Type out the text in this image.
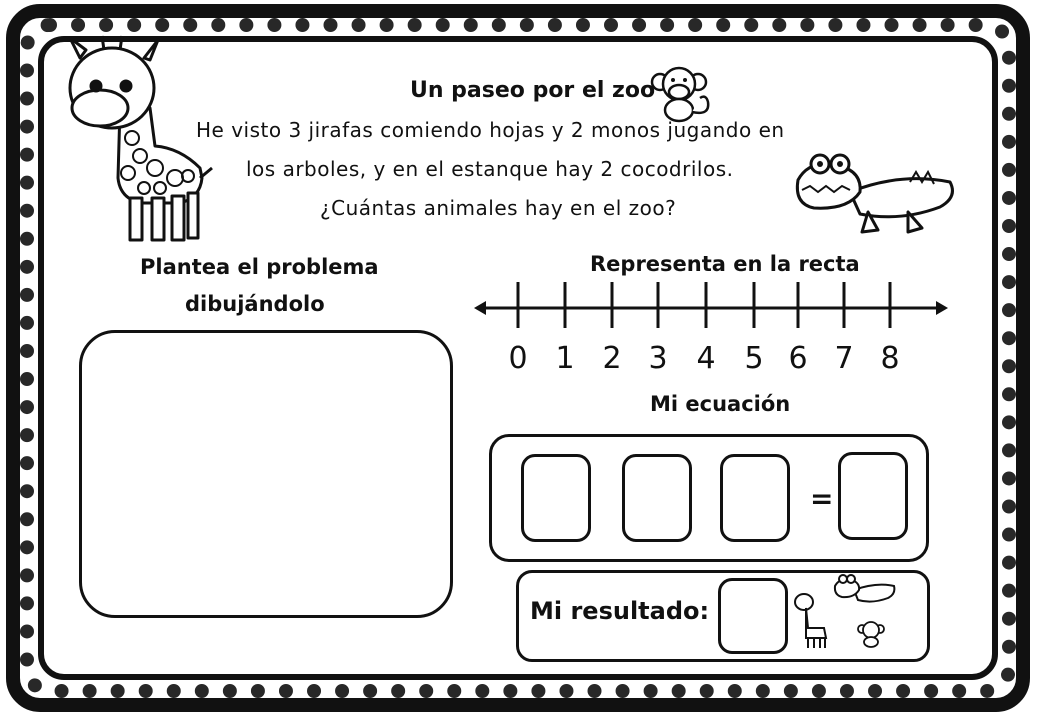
Un paseo por el zoo
He visto 3 jirafas comiendo hojas y 2 monos jugando en
los arboles, y en el estanque hay 2 cocodrilos.
¿Cuántas animales hay en el zoo?
Plantea el problema
dibujándolo
Representa en la recta
0 1 2 3 4 5 6 7 8
Mi ecuación
=
Mi resultado:
